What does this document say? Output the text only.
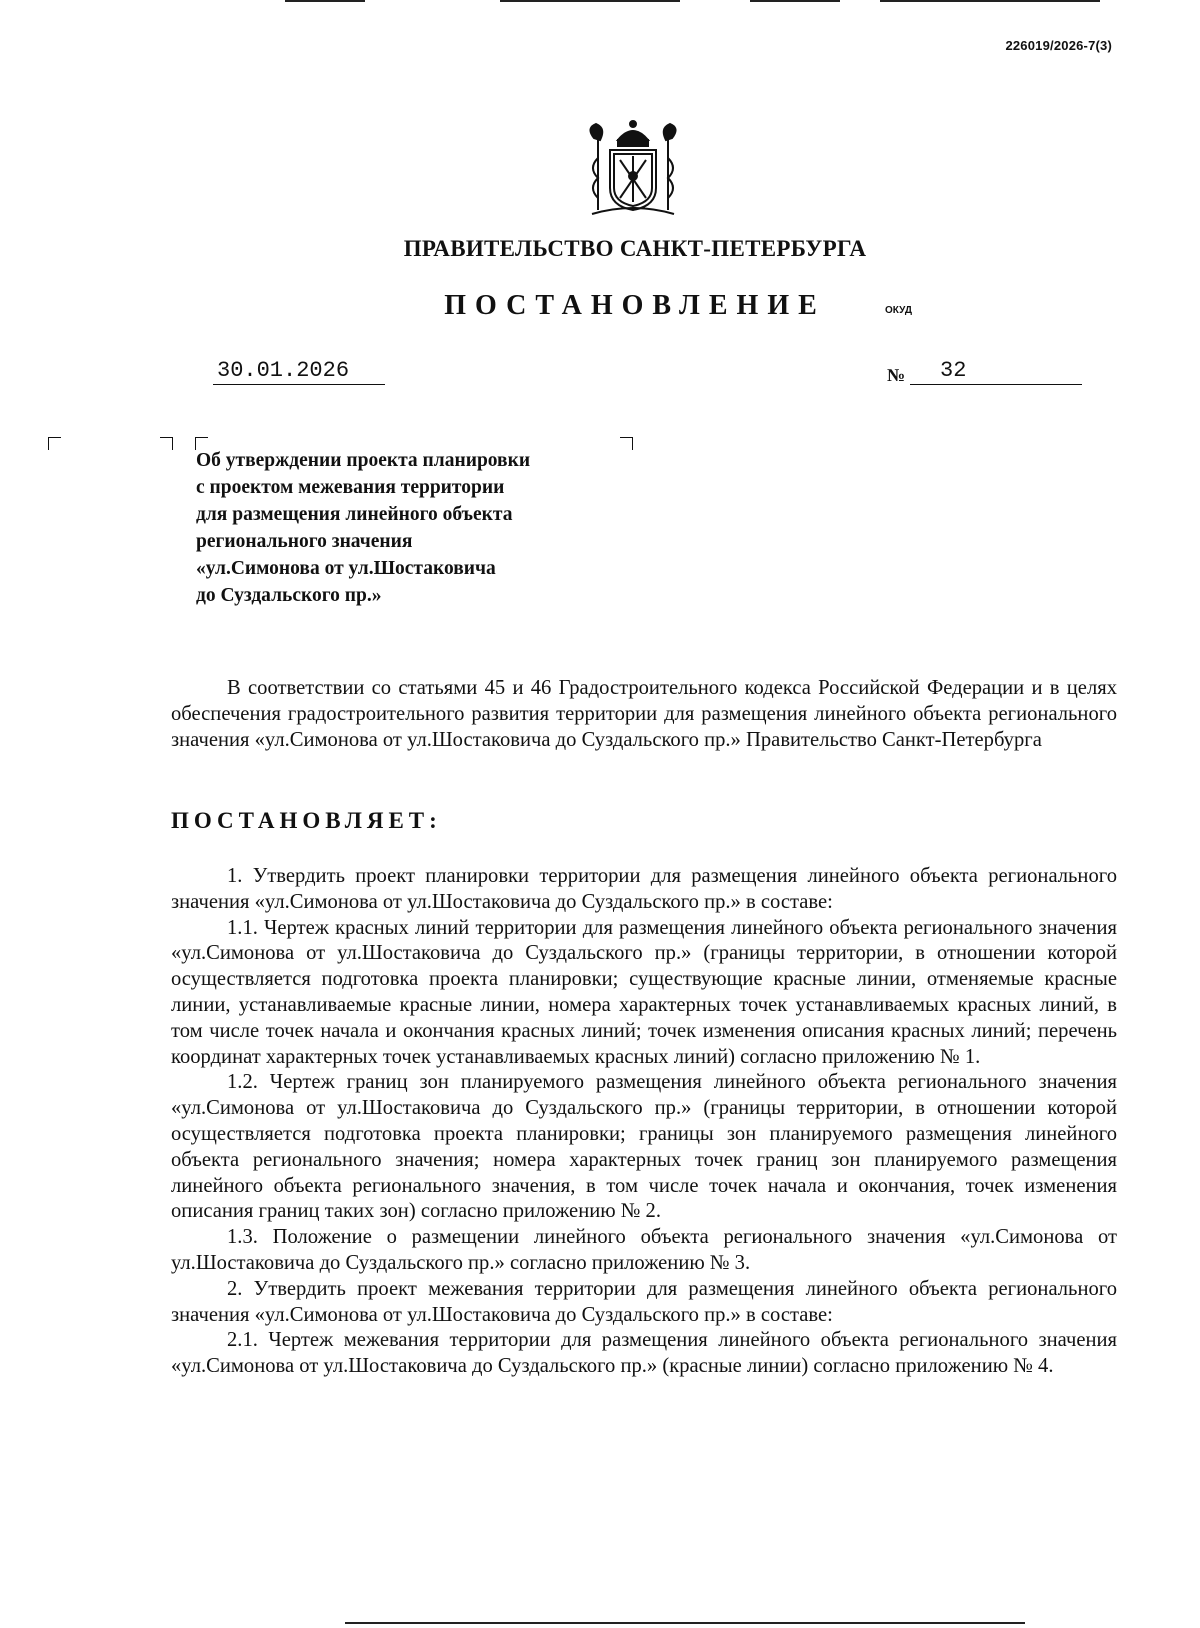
226019/2026-7(3)
ПРАВИТЕЛЬСТВО САНКТ-ПЕТЕРБУРГА
ПОСТАНОВЛЕНИЕ	ОКУД
30.01.2026	№	32
Об утверждении проекта планировки
с проектом межевания территории
для размещения линейного объекта
регионального значения
«ул.Симонова от ул.Шостаковича
до Суздальского пр.»

В соответствии со статьями 45 и 46 Градостроительного кодекса Российской Федерации и в целях обеспечения градостроительного развития территории для размещения линейного объекта регионального значения «ул.Симонова от ул.Шостаковича до Суздальского пр.» Правительство Санкт-Петербурга

ПОСТАНОВЛЯЕТ:

1. Утвердить проект планировки территории для размещения линейного объекта регионального значения «ул.Симонова от ул.Шостаковича до Суздальского пр.» в составе:

1.1. Чертеж красных линий территории для размещения линейного объекта регионального значения «ул.Симонова от ул.Шостаковича до Суздальского пр.» (границы территории, в отношении которой осуществляется подготовка проекта планировки; существующие красные линии, отменяемые красные линии, устанавливаемые красные линии, номера характерных точек устанавливаемых красных линий, в том числе точек начала и окончания красных линий; точек изменения описания красных линий; перечень координат характерных точек устанавливаемых красных линий) согласно приложению № 1.

1.2. Чертеж границ зон планируемого размещения линейного объекта регионального значения «ул.Симонова от ул.Шостаковича до Суздальского пр.» (границы территории, в отношении которой осуществляется подготовка проекта планировки; границы зон планируемого размещения линейного объекта регионального значения; номера характерных точек границ зон планируемого размещения линейного объекта регионального значения, в том числе точек начала и окончания, точек изменения описания границ таких зон) согласно приложению № 2.

1.3. Положение о размещении линейного объекта регионального значения «ул.Симонова от ул.Шостаковича до Суздальского пр.» согласно приложению № 3.

2. Утвердить проект межевания территории для размещения линейного объекта регионального значения «ул.Симонова от ул.Шостаковича до Суздальского пр.» в составе:

2.1. Чертеж межевания территории для размещения линейного объекта регионального значения «ул.Симонова от ул.Шостаковича до Суздальского пр.» (красные линии) согласно приложению № 4.
